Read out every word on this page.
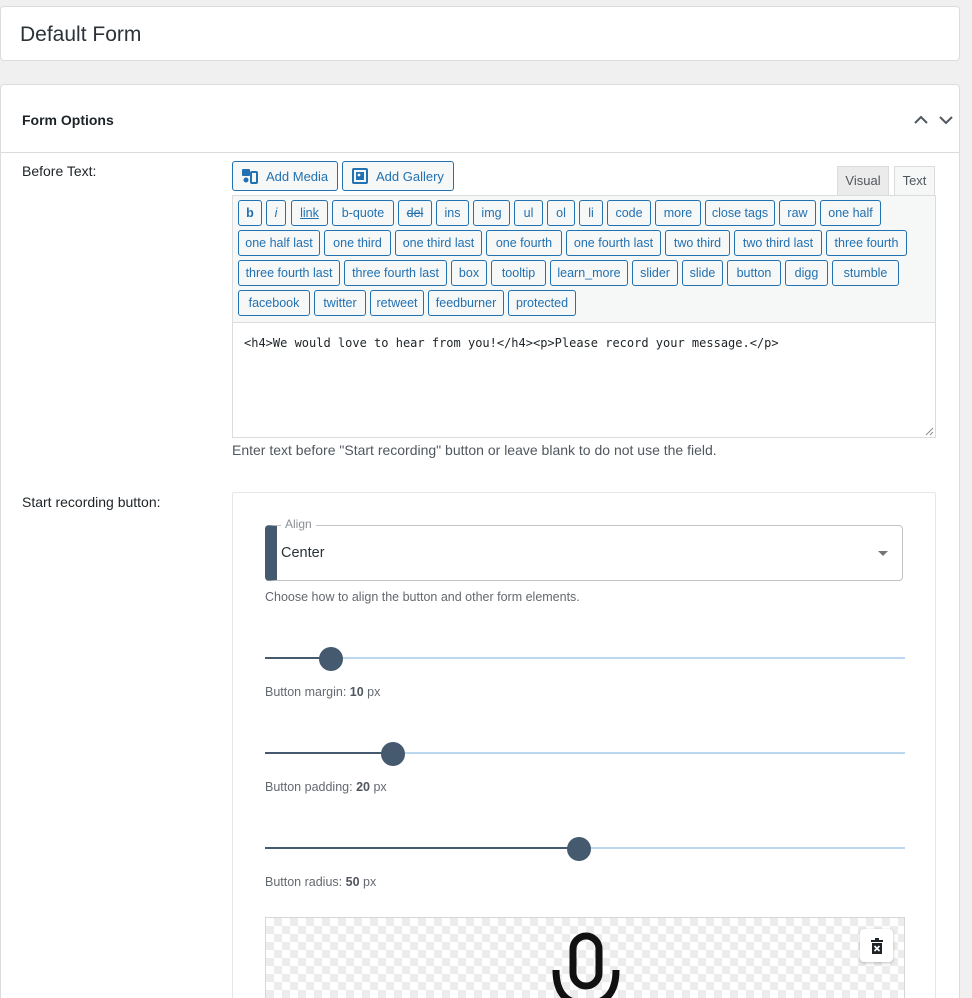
Default Form
Form Options
Before Text:	Add Media	Add Gallery	Visual	Text
b	i	link	b-quote	del	ins	img	ul	ol	li	code	more	close tags	raw	one half
one half last	one third	one third last	one fourth	one fourth last	two third	two third last	three fourth
three fourth last	three fourth last	box	tooltip	learn_more	slider	slide	button	digg	stumble
facebook	twitter	retweet	feedburner	protected
<h4>We would love to hear from you!</h4><p>Please record your message.</p>
Enter text before "Start recording" button or leave blank to do not use the field.
Start recording button:
Align
Center
Choose how to align the button and other form elements.
Button margin: 10 px
Button padding: 20 px
Button radius: 50 px
